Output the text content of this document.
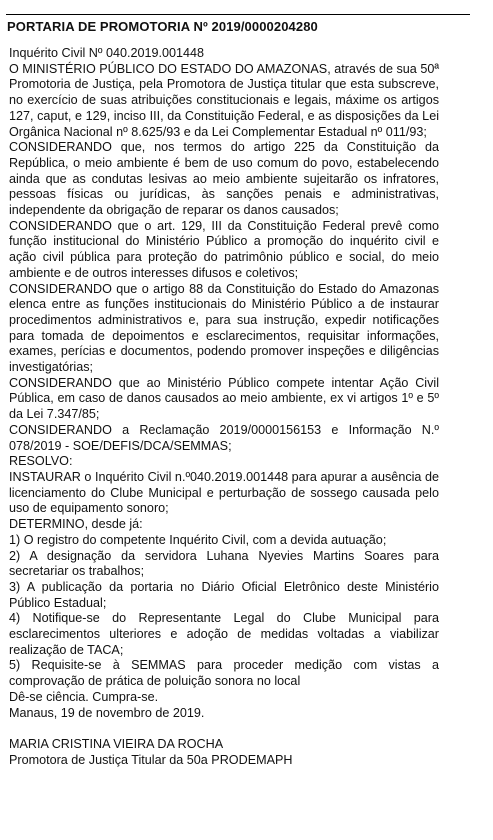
PORTARIA DE PROMOTORIA Nº 2019/0000204280

Inquérito Civil Nº 040.2019.001448

O MINISTÉRIO PÚBLICO DO ESTADO DO AMAZONAS, através de sua 50ª Promotoria de Justiça, pela Promotora de Justiça titular que esta subscreve, no exercício de suas atribuições constitucionais e legais, máxime os artigos 127, caput, e 129, inciso III, da Constituição Federal, e as disposições da Lei Orgânica Nacional nº 8.625/93 e da Lei Complementar Estadual nº 011/93;

CONSIDERANDO que, nos termos do artigo 225 da Constituição da República, o meio ambiente é bem de uso comum do povo, estabelecendo ainda que as condutas lesivas ao meio ambiente sujeitarão os infratores, pessoas físicas ou jurídicas, às sanções penais e administrativas, independente da obrigação de reparar os danos causados;

CONSIDERANDO que o art. 129, III da Constituição Federal prevê como função institucional do Ministério Público a promoção do inquérito civil e ação civil pública para proteção do patrimônio público e social, do meio ambiente e de outros interesses difusos e coletivos;

CONSIDERANDO que o artigo 88 da Constituição do Estado do Amazonas elenca entre as funções institucionais do Ministério Público a de instaurar procedimentos administrativos e, para sua instrução, expedir notificações para tomada de depoimentos e esclarecimentos, requisitar informações, exames, perícias e documentos, podendo promover inspeções e diligências investigatórias;

CONSIDERANDO que ao Ministério Público compete intentar Ação Civil Pública, em caso de danos causados ao meio ambiente, ex vi artigos 1º e 5º da Lei 7.347/85;

CONSIDERANDO a Reclamação 2019/0000156153 e Informação N.º 078/2019 - SOE/DEFIS/DCA/SEMMAS;

RESOLVO:

INSTAURAR o Inquérito Civil n.º040.2019.001448 para apurar a ausência de licenciamento do Clube Municipal e perturbação de sossego causada pelo uso de equipamento sonoro;

DETERMINO, desde já:

1) O registro do competente Inquérito Civil, com a devida autuação;

2) A designação da servidora Luhana Nyevies Martins Soares para secretariar os trabalhos;

3) A publicação da portaria no Diário Oficial Eletrônico deste Ministério Público Estadual;

4) Notifique-se do Representante Legal do Clube Municipal para esclarecimentos ulteriores e adoção de medidas voltadas a viabilizar realização de TACA;

5) Requisite-se à SEMMAS para proceder medição com vistas a comprovação de prática de poluição sonora no local

Dê-se ciência. Cumpra-se.

Manaus, 19 de novembro de 2019.

MARIA CRISTINA VIEIRA DA ROCHA

Promotora de Justiça Titular da 50a PRODEMAPH
